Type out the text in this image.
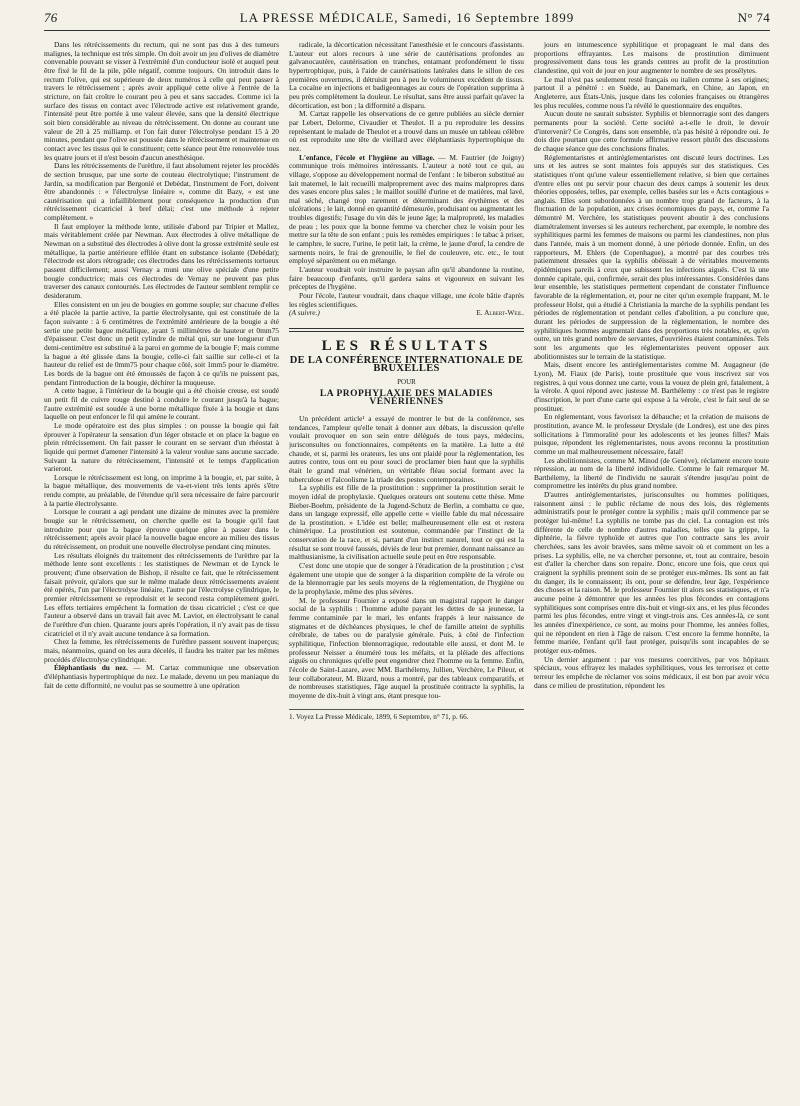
76	LA PRESSE MÉDICALE, Samedi, 16 Septembre 1899	N° 74

Dans les rétrécissements du rectum, qui ne sont pas dus à des tumeurs malignes, la technique est très simple. On doit avoir un jeu d'olives de diamètre convenable pouvant se visser à l'extrémité d'un conducteur isolé et auquel peut être fixé le fil de la pile, pôle négatif, comme toujours. On introduit dans le rectum l'olive, qui est supérieure de deux numéros à celle qui peut passer à travers le rétrécissement ; après avoir appliqué cette olive à l'entrée de la stricture, on fait croître le courant peu à peu et sans saccades. Comme ici la surface des tissus en contact avec l'électrode active est relativement grande, l'intensité peut être portée à une valeur élevée, sans que la densité électrique soit bien considérable au niveau du rétrécissement. On donne au courant une valeur de 20 à 25 milliamp. et l'on fait durer l'électrolyse pendant 15 à 20 minutes, pendant que l'olive est poussée dans le rétrécissement et maintenue en contact avec les tissus qui le constituent; cette séance peut être renouvelée tous les quatre jours et il n'est besoin d'aucun anesthésique.

Dans les rétrécissements de l'urèthre, il faut absolument rejeter les procédés de section brusque, par une sorte de couteau électrolytique; l'instrument de Jardin, sa modification par Bergonié et Debédat, l'instrument de Fort, doivent être abandonnés : « l'électrolyse linéaire », comme dit Bazy, « est une cautérisation qui a infailliblement pour conséquence la production d'un rétrécissement cicatriciel à bref délai; c'est une méthode à rejeter complètement. »

Il faut employer la méthode lente, utilisée d'abord par Tripier et Mallez, mais véritablement créée par Newman. Aux électrodes à olive métallique de Newman on a substitué des électrodes à olive dont la grosse extrémité seule est métallique, la partie antérieure effilée étant en substance isolante (Debédat); l'électrode est alors rétrograde; ces électrodes dans les rétrécissements tortueux passent difficilement; aussi Vernay a muni une olive spéciale d'une petite bougie conductrice; mais ces électrodes de Vernay ne peuvent pas plus traverser des canaux contournés. Les électrodes de l'auteur semblent remplir ce desideratum.

Elles consistent en un jeu de bougies en gomme souple; sur chacune d'elles a été placée la partie active, la partie électrolysante, qui est constituée de la façon suivante : à 6 centimètres de l'extrémité antérieure de la bougie a été sertie une petite bague métallique, ayant 5 millimètres de hauteur et 0mm75 d'épaisseur. C'est donc un petit cylindre de métal qui, sur une longueur d'un demi-centimètre est substitué à la paroi en gomme de la bougie F; mais comme la bague a été glissée dans la bougie, celle-ci fait saillie sur celle-ci et la hauteur du relief est de 0mm75 pour chaque côté, soit 1mm5 pour le diamètre. Les bords de la bague ont été émoussés de façon à ce qu'ils ne puissent pas, pendant l'introduction de la bougie, déchirer la muqueuse.

A cette bague, à l'intérieur de la bougie qui a été choisie creuse, est soudé un petit fil de cuivre rouge destiné à conduire le courant jusqu'à la bague; l'autre extrémité est soudée à une borne métallique fixée à la bougie et dans laquelle on peut enfoncer le fil qui amène le courant.

Le mode opératoire est des plus simples : on pousse la bougie qui fait éprouver à l'opérateur la sensation d'un léger obstacle et on place la bague en plein rétrécissement. On fait passer le courant en se servant d'un rhéostat à liquide qui permet d'amener l'intensité à la valeur voulue sans aucune saccade. Suivant la nature du rétrécissement, l'intensité et le temps d'application varieront.

Lorsque le rétrécissement est long, on imprime à la bougie, et, par suite, à la bague métallique, des mouvements de va-et-vient très lents après s'être rendu compte, au préalable, de l'étendue qu'il sera nécessaire de faire parcourir à la partie électrolysante.

Lorsque le courant a agi pendant une dizaine de minutes avec la première bougie sur le rétrécissement, on cherche quelle est la bougie qu'il faut introduire pour que la bague éprouve quelque gêne à passer dans le rétrécissement; après avoir placé la nouvelle bague encore au milieu des tissus du rétrécissement, on produit une nouvelle électrolyse pendant cinq minutes.

Les résultats éloignés du traitement des rétrécissements de l'urèthre par la méthode lente sont excellents : les statistiques de Newman et de Lynck le prouvent; d'une observation de Bishop, il résulte ce fait, que le rétrécissement faisait prévoir, qu'alors que sur le même malade deux rétrécissements avaient été opérés, l'un par l'électrolyse linéaire, l'autre par l'électrolyse cylindrique, le premier rétrécissement se reproduisit et le second resta complètement guéri. Les effets tertiaires empêchent la formation de tissu cicatriciel ; c'est ce que l'auteur a observé dans un travail fait avec M. Laviot, en électrolysant le canal de l'urèthre d'un chien. Quarante jours après l'opération, il n'y avait pas de tissu cicatriciel et il n'y avait aucune tendance à sa formation.

Chez la femme, les rétrécissements de l'urèthre passent souvent inaperçus; mais, néanmoins, quand on les aura décelés, il faudra les traiter par les mêmes procédés d'électrolyse cylindrique.

Éléphantiasis du nez. — M. Cartaz communique une observation d'éléphantiasis hypertrophique du nez. Le malade, devenu un peu maniaque du fait de cette difformité, ne voulut pas se soumettre à une opération

radicale, la décortication nécessitant l'anesthésie et le concours d'assistants. L'auteur eut alors recours à une série de cautérisations profondes au galvanocautère, cautérisation en tranches, entamant profondément le tissu hypertrophique, puis, à l'aide de cautérisations latérales dans le sillon de ces premières ouvertures, il détruisit peu à peu le volumineux excédent de tissus. La cocaïne en injections et badigeonnages au cours de l'opération supprima à peu près complètement la douleur. Le résultat, sans être aussi parfait qu'avec la décortication, est bon ; la difformité a disparu.

M. Cartaz rappelle les observations de ce genre publiées au siècle dernier par Lebert, Delorme, Civaudier et Theulot. Il a pu reproduire les dessins représentant le malade de Theulot et a trouvé dans un musée un tableau célèbre où est reproduite une tête de vieillard avec éléphantiasis hypertrophique du nez.

L'enfance, l'école et l'hygiène au village. — M. Fautrier (de Joigny) communique trois mémoires intéressants. L'auteur a noté tout ce qui, au village, s'oppose au développement normal de l'enfant : le biberon substitué au lait maternel, le lait recueilli malproprement avec des mains malpropres dans des vases encore plus sales ; le maillot souillé d'urine et de matières, mal lavé, mal séché, changé trop rarement et déterminant des érythèmes et des ulcérations ; le lait, donné en quantité démesurée, produisant ou augmentant les troubles digestifs; l'usage du vin dès le jeune âge; la malpropreté, les maladies de peau ; les poux que la bonne femme va chercher chez le voisin pour les mettre sur la tête de son enfant ; puis les remèdes empiriques : le tabac à priser, le camphre, le sucre, l'urine, le petit lait, la crème, le jaune d'œuf, la cendre de sarments noirs, le frai de grenouille, le fiel de couleuvre, etc. etc., le tout employé séparément ou en mélange.

L'auteur voudrait voir instruire le paysan afin qu'il abandonne la routine, faire beaucoup d'enfants, qu'il gardera sains et vigoureux en suivant les préceptes de l'hygiène.

Pour l'école, l'auteur voudrait, dans chaque village, une école bâtie d'après les règles scientifiques.

(A suivre.)	E. Albert-Weil.
LES RÉSULTATS
DE LA CONFÉRENCE INTERNATIONALE DE BRUXELLES
POUR
LA PROPHYLAXIE DES MALADIES VÉNÉRIENNES

Un précédent article¹ a essayé de montrer le but de la conférence, ses tendances, l'ampleur qu'elle tenait à donner aux débats, la discussion qu'elle voulait provoquer en son sein entre délégués de tous pays, médecins, jurisconsultes ou fonctionnaires, compétents en la matière. La lutte a été chaude, et si, parmi les orateurs, les uns ont plaidé pour la réglementation, les autres contre, tous ont eu pour souci de proclamer bien haut que la syphilis était le grand mal vénérien, un véritable fléau social formant avec la tuberculose et l'alcoolisme la triade des pestes contemporaines.

La syphilis est fille de la prostitution : supprimer la prostitution serait le moyen idéal de prophylaxie. Quelques orateurs ont soutenu cette thèse. Mme Bieber-Boehm, présidente de la Jugend-Schutz de Berlin, a combattu ce que, dans un langage expressif, elle appelle cette « vieille fable du mal nécessaire de la prostitution. » L'idée est belle; malheureusement elle est et restera chimérique. La prostitution est soutenue, commandée par l'instinct de la conservation de la race, et si, partant d'un instinct naturel, tout ce qui est la résultat se sont trouvé faussés, déviés de leur but premier, donnant naissance au malthusianisme, la civilisation actuelle seule peut en être responsable.

C'est donc une utopie que de songer à l'éradication de la prostitution ; c'est également une utopie que de songer à la disparition complète de la vérole ou de la blennorragie par les seuls moyens de la réglementation, de l'hygiène ou de la prophylaxie, même des plus sévères.

M. le professeur Fournier a exposé dans un magistral rapport le danger social de la syphilis : l'homme adulte payant les dettes de sa jeunesse, la femme contaminée par le mari, les enfants frappés à leur naissance de stigmates et de déchéances physiques, le chef de famille atteint de syphilis cérébrale, de tabes ou de paralysie générale. Puis, à côté de l'infection syphilitique, l'infection blennorragique, redoutable elle aussi, et dont M. le professeur Neisser a énuméré tous les méfaits, et la pléiade des affections aiguës ou chroniques qu'elle peut engendrer chez l'homme ou la femme. Enfin, l'école de Saint-Lazare, avec MM. Barthélemy, Jullien, Verchère, Le Pileur, et leur collaborateur, M. Bizard, nous a montré, par des tableaux comparatifs, et de nombreuses statistiques, l'âge auquel la prostituée contracte la syphilis, la moyenne de dix-huit à vingt ans, étant presque tou-

1. Voyez La Presse Médicale, 1899, 6 Septembre, n° 71, p. 66.

jours en intumescence syphilitique et propageant le mal dans des proportions effrayantes. Les maisons de prostitution diminuent progressivement dans tous les grands centres au profit de la prostitution clandestine, qui voit de jour en jour augmenter le nombre de ses prosélytes.

Le mal n'est pas seulement resté français ou italien comme à ses origines; partout il a pénétré : en Suède, au Danemark, en Chine, au Japon, en Angleterre, aux États-Unis, jusque dans les colonies françaises ou étrangères les plus reculées, comme nous l'a révélé le questionnaire des enquêtes.

Aucun doute ne saurait subsister. Syphilis et blennorragie sont des dangers permanents pour la société. Cette société a-t-elle le droit, le devoir d'intervenir? Ce Congrès, dans son ensemble, n'a pas hésité à répondre oui. Je dois dire pourtant que cette formule affirmative ressort plutôt des discussions de chaque séance que des conclusions finales.

Réglementaristes et antiréglementaristes ont discuté leurs doctrines. Les uns et les autres se sont maintes fois appuyés sur des statistiques. Ces statistiques n'ont qu'une valeur essentiellement relative, si bien que certaines d'entre elles ont pu servir pour chacun des deux camps à soutenir les deux théories opposées, telles, par exemple, celles basées sur les « Acts contagious » anglais. Elles sont subordonnées à un nombre trop grand de facteurs, à la fluctuation de la population, aux crises économiques du pays, et, comme l'a démontré M. Verchère, les statistiques peuvent aboutir à des conclusions diamétralement inverses si les auteurs recherchent, par exemple, le nombre des syphilitiques parmi les femmes de maisons ou parmi les clandestines, non plus dans l'année, mais à un moment donné, à une période donnée. Enfin, un des rapporteurs, M. Ehlers (de Copenhague), a montré par des courbes très patiemment dressées que la syphilis obéissait à de véritables mouvements épidémiques pareils à ceux que subissent les infections aiguës. C'est là une donnée capitale, qui, confirmée, serait des plus intéressantes. Considérées dans leur ensemble, les statistiques permettent cependant de constater l'influence favorable de la réglementation, et, pour ne citer qu'un exemple frappant, M. le professeur Holst, qui a étudié à Christiania la marche de la syphilis pendant les périodes de réglementation et pendant celles d'abolition, a pu conclure que, durant les périodes de suppression de la réglementation, le nombre des syphilitiques hommes augmentait dans des proportions très notables, et, qu'en outre, un très grand nombre de servantes, d'ouvrières étaient contaminées. Tels sont les arguments que les réglementaristes peuvent opposer aux abolitionnistes sur le terrain de la statistique.

Mais, disent encore les antiréglementaristes comme M. Augagneur (de Lyon), M. Fiaux (de Paris), toute prostituée que vous inscrivez sur vos registres, à qui vous donnez une carte, vous la vouez de plein gré, fatalement, à la vérole. A quoi répond avec justesse M. Barthélemy : ce n'est pas le registre d'inscription, le port d'une carte qui expose à la vérole, c'est le fait seul de se prostituer.

En réglementant, vous favorisez la débauche; et la création de maisons de prostitution, avance M. le professeur Dryslale (de Londres), est une des pires sollicitations à l'immoralité pour les adolescents et les jeunes filles? Mais puisque, répondent les réglementaristes, nous avons reconnu la prostitution comme un mal malheureusement nécessaire, fatal!

Les abolitionnistes, comme M. Minod (de Genève), réclament encore toute répression, au nom de la liberté individuelle. Comme le fait remarquer M. Barthélemy, la liberté de l'individu ne saurait s'étendre jusqu'au point de compromettre les intérêts du plus grand nombre.

D'autres antiréglementaristes, jurisconsultes ou hommes politiques, raisonnent ainsi : le public réclame de nous des lois, des règlements administratifs pour le protéger contre la syphilis ; mais qu'il commence par se protéger lui-même! La syphilis ne tombe pas du ciel. La contagion est très différente de celle de nombre d'autres maladies, telles que la grippe, la diphtérie, la fièvre typhoïde et autres que l'on contracte sans les avoir cherchées, sans les avoir bravées, sans même savoir où et comment on les a prises. La syphilis, elle, ne va chercher personne, et, tout au contraire, besoin est d'aller la chercher dans son repaire. Donc, encore une fois, que ceux qui craignent la syphilis prennent soin de se protéger eux-mêmes. Ils sont au fait du danger, ils le connaissent; ils ont, pour se défendre, leur âge, l'expérience des choses et la raison. M. le professeur Fournier tit alors ses statistiques, et n'a aucune peine à démontrer que les années les plus fécondes en contagions syphilitiques sont comprises entre dix-huit et vingt-six ans, et les plus fécondes parmi les plus fécondes, entre vingt et vingt-trois ans. Ces années-là, ce sont les années d'inexpérience, ce sont, au moins pour l'homme, les années folles, qui ne répondent en rien à l'âge de raison. C'est encore la femme honnête, la femme mariée, l'enfant qu'il faut protéger, puisqu'ils sont incapables de se protéger eux-mêmes.

Un dernier argument : par vos mesures coercitives, par vos hôpitaux spéciaux, vous effrayez les malades syphilitiques, vous les terrorisez et cette terreur les empêche de réclamer vos soins médicaux, il est bon par avoir vécu dans ce milieu de prostitution, répondent les
